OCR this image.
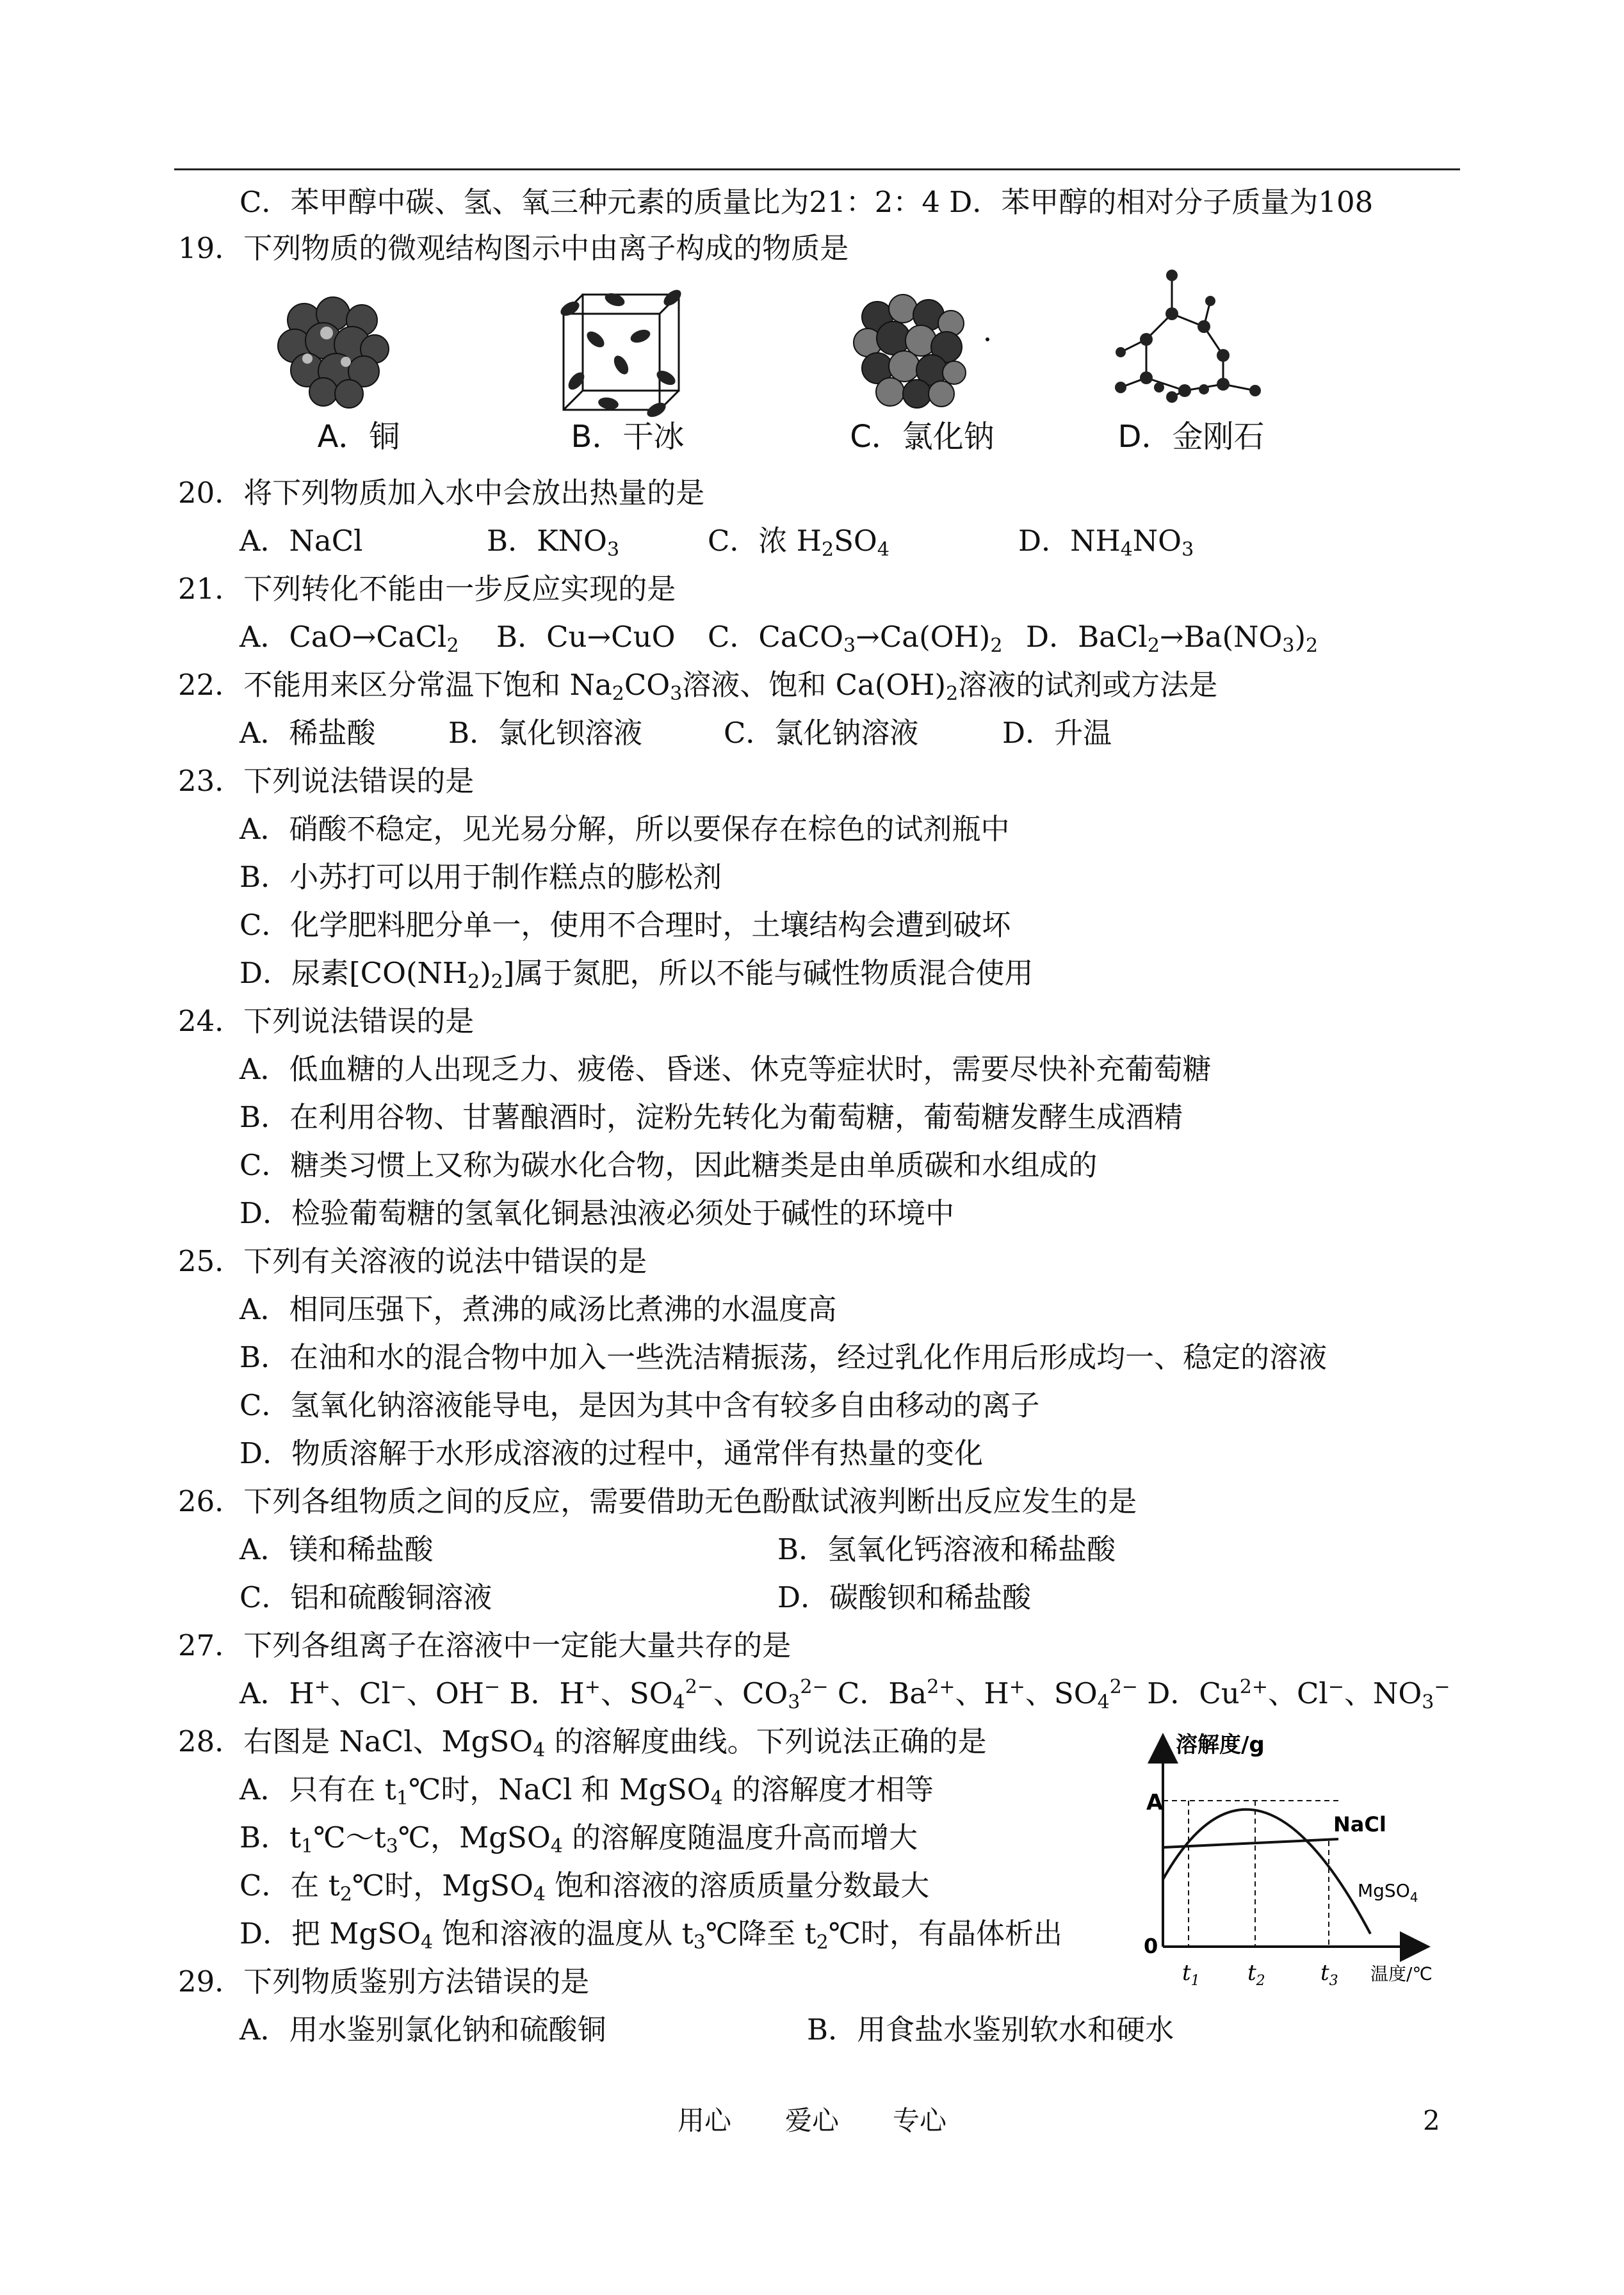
C．苯甲醇中碳、氢、氧三种元素的质量比为21：2：4 D．苯甲醇的相对分子质量为108
19．下列物质的微观结构图示中由离子构成的物质是
A．铜	B．干冰	C．氯化钠	D．金刚石
20．将下列物质加入水中会放出热量的是
A．NaCl	B．$KNO_3$	C．浓 $H_2SO_4$	D．$NH_4NO_3$
21．下列转化不能由一步反应实现的是
A．CaO→CaCl$_2$ B．Cu→CuO C．$CaCO_3\to Ca(OH)_2$ D．$BaCl_2\to Ba(NO_3)_2$
22．不能用来区分常温下饱和 $Na_2CO_3$溶液、饱和 $Ca(OH)_2$溶液的试剂或方法是
A．稀盐酸	B．氯化钡溶液	C．氯化钠溶液	D．升温
23．下列说法错误的是
A．硝酸不稳定，见光易分解，所以要保存在棕色的试剂瓶中
B．小苏打可以用于制作糕点的膨松剂
C．化学肥料肥分单一，使用不合理时，土壤结构会遭到破坏
D．尿素$[CO(NH_2)_2]$属于氮肥，所以不能与碱性物质混合使用
24．下列说法错误的是
A．低血糖的人出现乏力、疲倦、昏迷、休克等症状时，需要尽快补充葡萄糖
B．在利用谷物、甘薯酿酒时，淀粉先转化为葡萄糖，葡萄糖发酵生成酒精
C．糖类习惯上又称为碳水化合物，因此糖类是由单质碳和水组成的
D．检验葡萄糖的氢氧化铜悬浊液必须处于碱性的环境中
25．下列有关溶液的说法中错误的是
A．相同压强下，煮沸的咸汤比煮沸的水温度高
B．在油和水的混合物中加入一些洗洁精振荡，经过乳化作用后形成均一、稳定的溶液
C．氢氧化钠溶液能导电，是因为其中含有较多自由移动的离子
D．物质溶解于水形成溶液的过程中，通常伴有热量的变化
26．下列各组物质之间的反应，需要借助无色酚酞试液判断出反应发生的是
A．镁和稀盐酸	B．氢氧化钙溶液和稀盐酸
C．铝和硫酸铜溶液	D．碳酸钡和稀盐酸
27．下列各组离子在溶液中一定能大量共存的是
A．H+、Cl−、OH− B．H+、$SO_4^{2-}$、$CO_3^{2-}$ C．$Ba^{2+}$、H+、$SO_4^{2-}$ D．$Cu^{2+}$、Cl−、$NO_3^-$
28．右图是 NaCl、MgSO$_4$ 的溶解度曲线。下列说法正确的是
A．只有在 $t_1℃$时，NaCl 和 MgSO$_4$ 的溶解度才相等
B．$t_1℃\sim t_3℃$，MgSO$_4$ 的溶解度随温度升高而增大
C．在 $t_2℃$时，MgSO$_4$ 饱和溶液的溶质质量分数最大
D．把 MgSO$_4$ 饱和溶液的温度从 $t_3℃$降至 $t_2℃$时，有晶体析出
溶解度/g
A
0
NaCl
MgSO$_4$
$t_1$ $t_2$	$t_3$ 温度/℃
29．下列物质鉴别方法错误的是
A．用水鉴别氯化钠和硫酸铜	B．用食盐水鉴别软水和硬水
用心　　爱心　　专心	2
